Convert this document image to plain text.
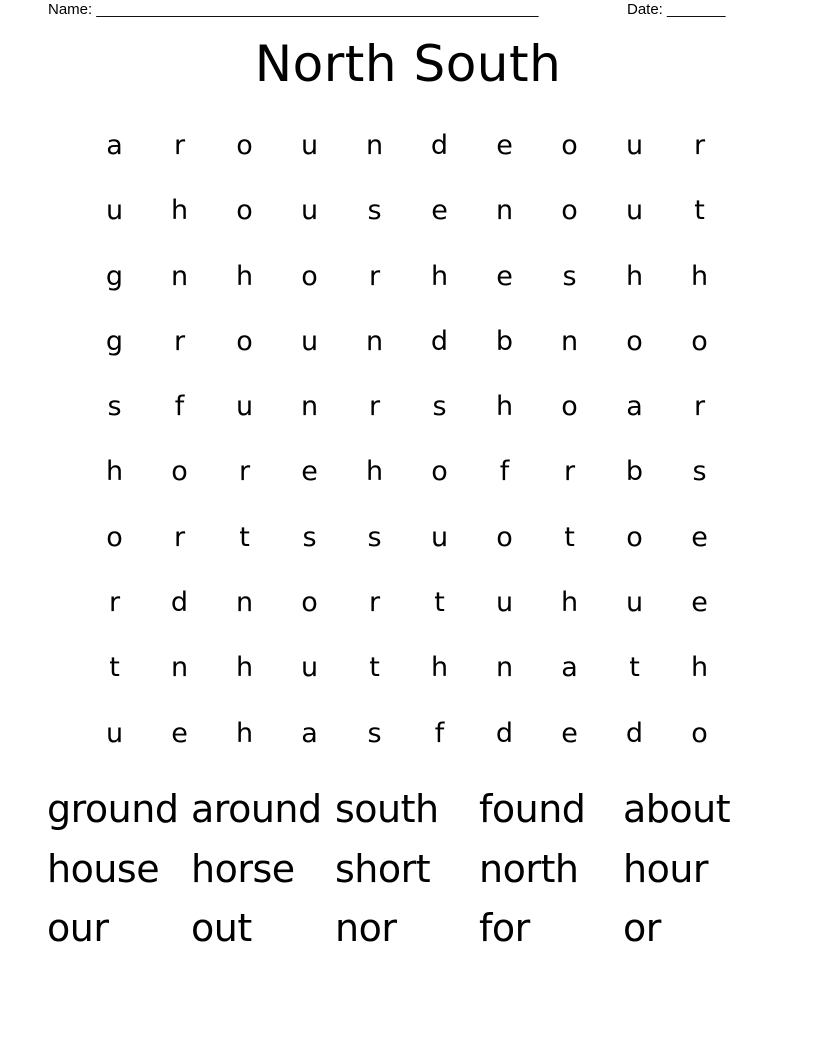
Name: _____________________________________________________	Date: _______
North South
a	r	o	u	n	d	e	o	u	r
u	h	o	u	s	e	n	o	u	t
g	n	h	o	r	h	e	s	h	h
g	r	o	u	n	d	b	n	o	o
s	f	u	n	r	s	h	o	a	r
h	o	r	e	h	o	f	r	b	s
o	r	t	s	s	u	o	t	o	e
r	d	n	o	r	t	u	h	u	e
t	n	h	u	t	h	n	a	t	h
u	e	h	a	s	f	d	e	d	o
ground around south	found about
house horse	short	north	hour
our	out	nor	for	or
